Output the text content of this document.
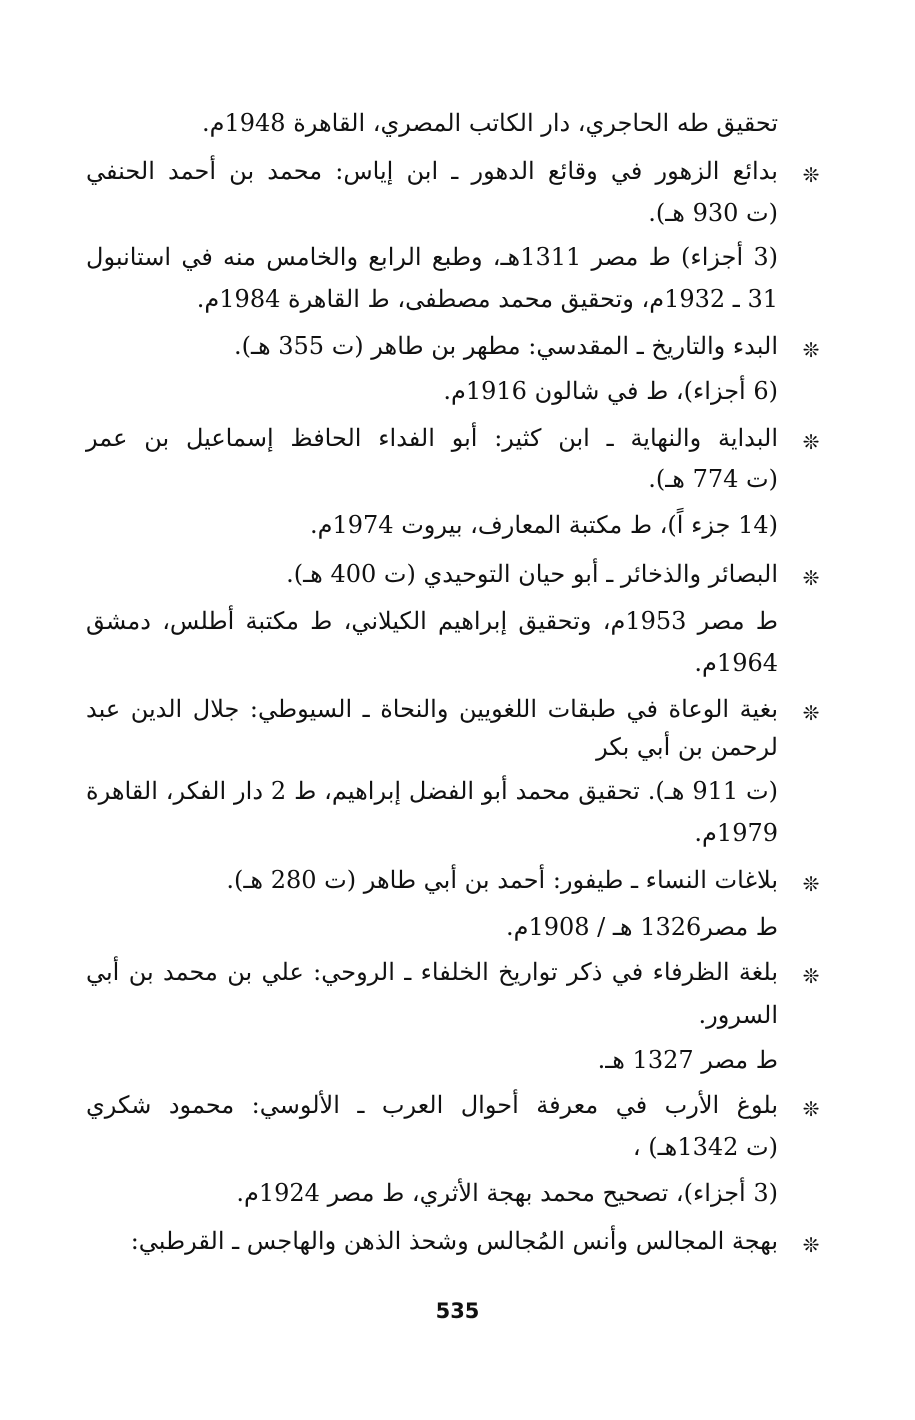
تحقيق طه الحاجري، دار الكاتب المصري، القاهرة 1948م.

❊

بدائع الزهور في وقائع الدهور ـ ابن إياس: محمد بن أحمد الحنفي

(ت 930 هـ).

(3 أجزاء) ط مصر 1311هـ، وطبع الرابع والخامس منه في استانبول

31 ـ 1932م، وتحقيق محمد مصطفى، ط القاهرة 1984م.

❊

البدء والتاريخ ـ المقدسي: مطهر بن طاهر (ت 355 هـ).

(6 أجزاء)، ط في شالون 1916م.

❊

البداية والنهاية ـ ابن كثير: أبو الفداء الحافظ إسماعيل بن عمر

(ت 774 هـ).

(14 جزء اً)، ط مكتبة المعارف، بيروت 1974م.

❊

البصائر والذخائر ـ أبو حيان التوحيدي (ت 400 هـ).

ط مصر 1953م، وتحقيق إبراهيم الكيلاني، ط مكتبة أطلس، دمشق

1964م.

❊

بغية الوعاة في طبقات اللغويين والنحاة ـ السيوطي: جلال الدين عبد

لرحمن بن أبي بكر

(ت 911 هـ). تحقيق محمد أبو الفضل إبراهيم، ط 2 دار الفكر، القاهرة

1979م.

❊

بلاغات النساء ـ طيفور: أحمد بن أبي طاهر (ت 280 هـ).

ط مصر1326 هـ / 1908م.

❊

بلغة الظرفاء في ذكر تواريخ الخلفاء ـ الروحي: علي بن محمد بن أبي

السرور.

ط مصر 1327 هـ.

❊

بلوغ الأرب في معرفة أحوال العرب ـ الألوسي: محمود شكري

(ت 1342هـ) ،

(3 أجزاء)، تصحيح محمد بهجة الأثري، ط مصر 1924م.

❊

بهجة المجالس وأنس المُجالس وشحذ الذهن والهاجس ـ القرطبي:

535
